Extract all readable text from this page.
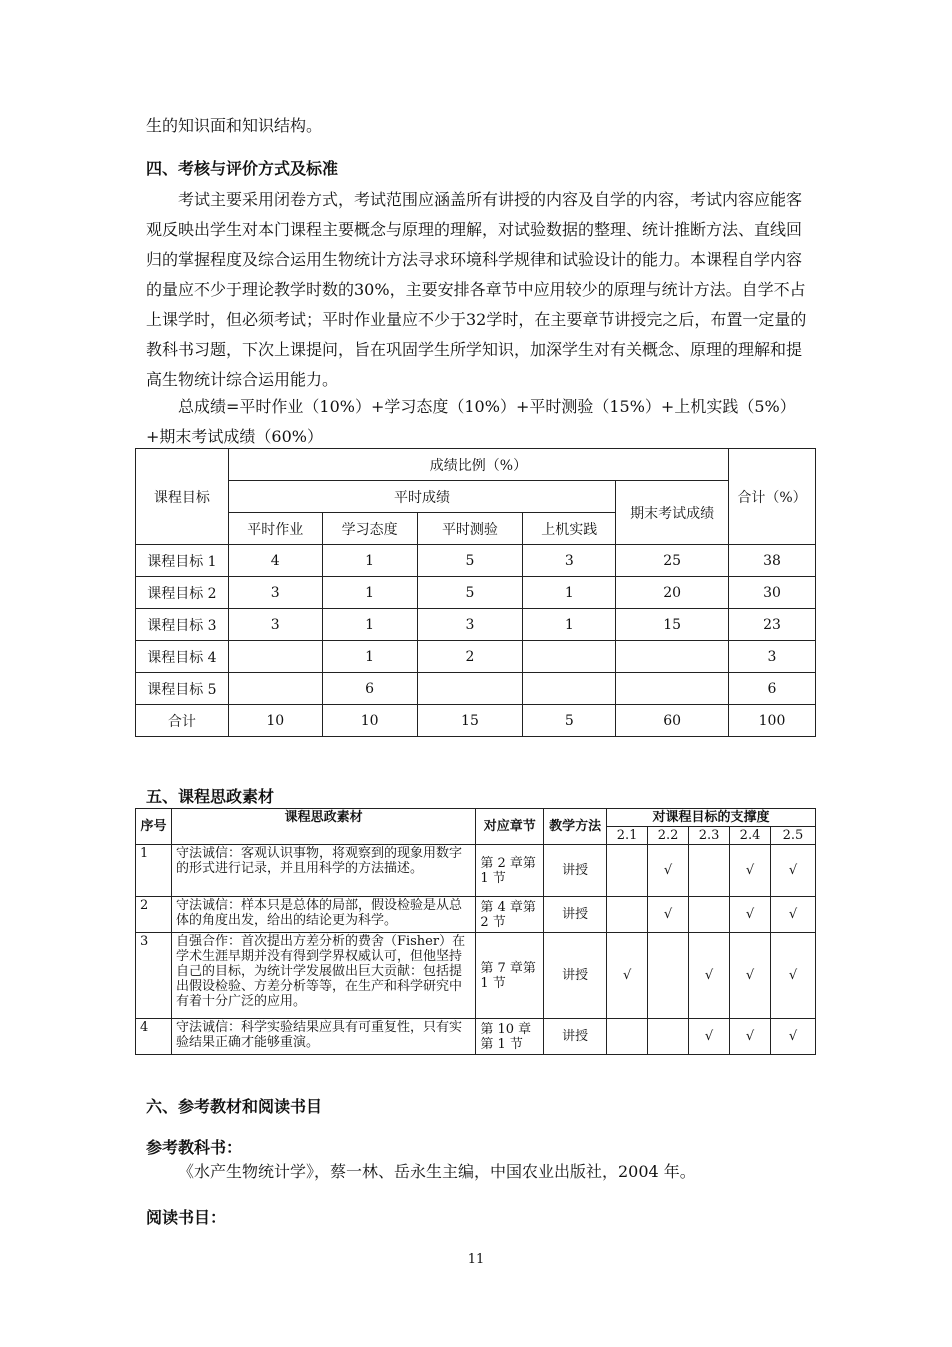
生的知识面和知识结构。

四、考核与评价方式及标准

考试主要采用闭卷方式，考试范围应涵盖所有讲授的内容及自学的内容，考试内容应能客观反映出学生对本门课程主要概念与原理的理解，对试验数据的整理、统计推断方法、直线回归的掌握程度及综合运用生物统计方法寻求环境科学规律和试验设计的能力。本课程自学内容的量应不少于理论教学时数的30%，主要安排各章节中应用较少的原理与统计方法。自学不占上课学时，但必须考试；平时作业量应不少于32学时，在主要章节讲授完之后，布置一定量的教科书习题，下次上课提问，旨在巩固学生所学知识，加深学生对有关概念、原理的理解和提高生物统计综合运用能力。

总成绩=平时作业（10%）+学习态度（10%）+平时测验（15%）+上机实践（5%）+期末考试成绩（60%）

课程目标	成绩比例（%）					合计（%）
	平时成绩				期末考试成绩	
	平时作业	学习态度	平时测验	上机实践		
课程目标 1	4	1	5	3	25	38
课程目标 2	3	1	5	1	20	30
课程目标 3	3	1	3	1	15	23
课程目标 4		1	2			3
课程目标 5		6				6
合计	10	10	15	5	60	100
五、课程思政素材
序号	课程思政素材	对应章节	教学方法	对课程目标的支撑度				
				2.1	2.2	2.3	2.4	2.5
1	守法诚信：客观认识事物，将观察到的现象用数字的形式进行记录，并且用科学的方法描述。	第 2 章第 1 节	讲授		√		√	√
2	守法诚信：样本只是总体的局部，假设检验是从总体的角度出发，给出的结论更为科学。	第 4 章第 2 节	讲授		√		√	√
3	自强合作：首次提出方差分析的费舍（Fisher）在学术生涯早期并没有得到学界权威认可，但他坚持自己的目标，为统计学发展做出巨大贡献：包括提出假设检验、方差分析等等，在生产和科学研究中有着十分广泛的应用。	第 7 章第 1 节	讲授	√		√	√	√
4	守法诚信：科学实验结果应具有可重复性，只有实验结果正确才能够重演。	第 10 章第 1 节	讲授			√	√	√
六、参考教材和阅读书目
参考教科书：

《水产生物统计学》，蔡一林、岳永生主编，中国农业出版社，2004 年。

阅读书目：
11
